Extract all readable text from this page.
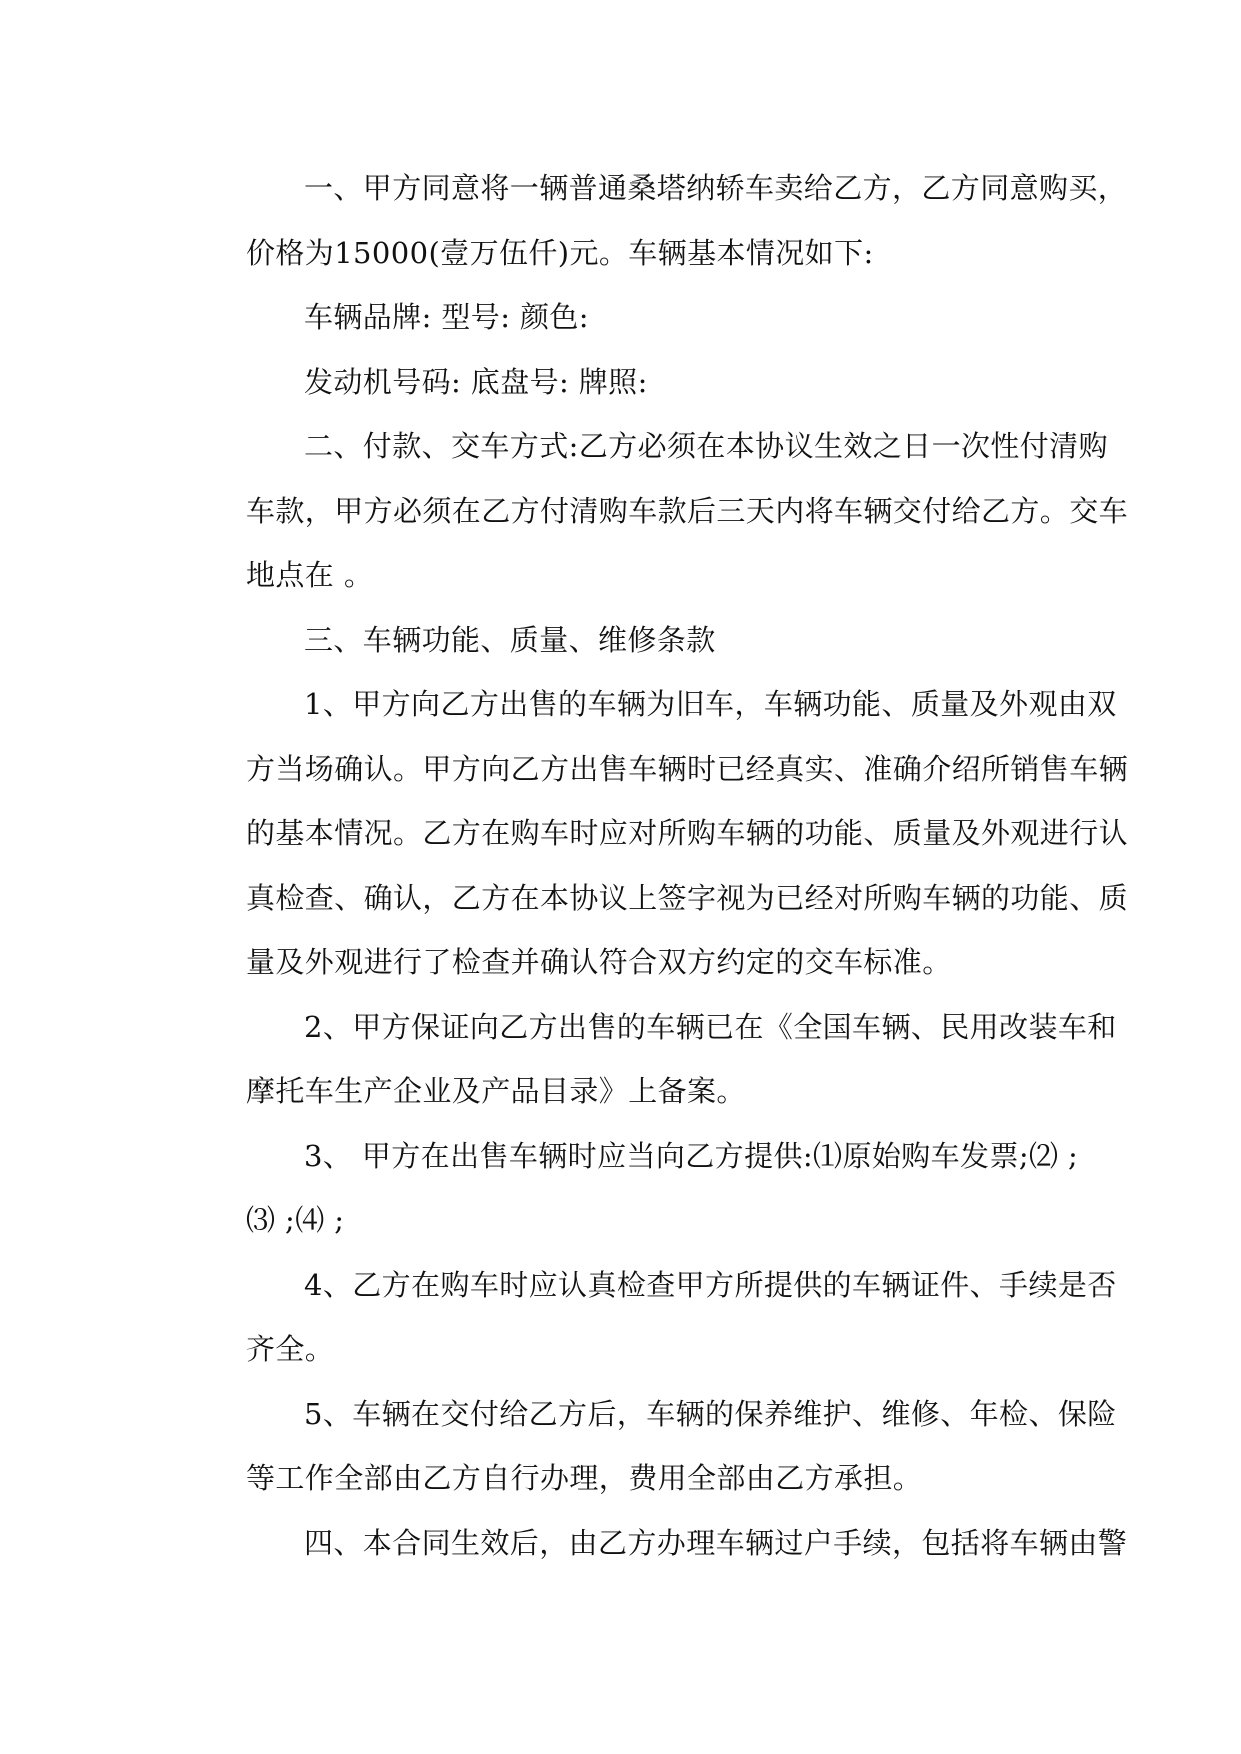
一、甲方同意将一辆普通桑塔纳轿车卖给乙方，乙方同意购买，
价格为15000(壹万伍仟)元。车辆基本情况如下:
车辆品牌: 型号: 颜色:
发动机号码: 底盘号: 牌照:
二、付款、交车方式:乙方必须在本协议生效之日一次性付清购
车款，甲方必须在乙方付清购车款后三天内将车辆交付给乙方。交车
地点在 。
三、车辆功能、质量、维修条款
1、甲方向乙方出售的车辆为旧车，车辆功能、质量及外观由双
方当场确认。甲方向乙方出售车辆时已经真实、准确介绍所销售车辆
的基本情况。乙方在购车时应对所购车辆的功能、质量及外观进行认
真检查、确认，乙方在本协议上签字视为已经对所购车辆的功能、质
量及外观进行了检查并确认符合双方约定的交车标准。
2、甲方保证向乙方出售的车辆已在《全国车辆、民用改装车和
摩托车生产企业及产品目录》上备案。
3、 甲方在出售车辆时应当向乙方提供:⑴原始购车发票;⑵ ;
⑶ ;⑷ ;
4、乙方在购车时应认真检查甲方所提供的车辆证件、手续是否
齐全。
5、车辆在交付给乙方后，车辆的保养维护、维修、年检、保险
等工作全部由乙方自行办理，费用全部由乙方承担。
四、本合同生效后，由乙方办理车辆过户手续，包括将车辆由警
